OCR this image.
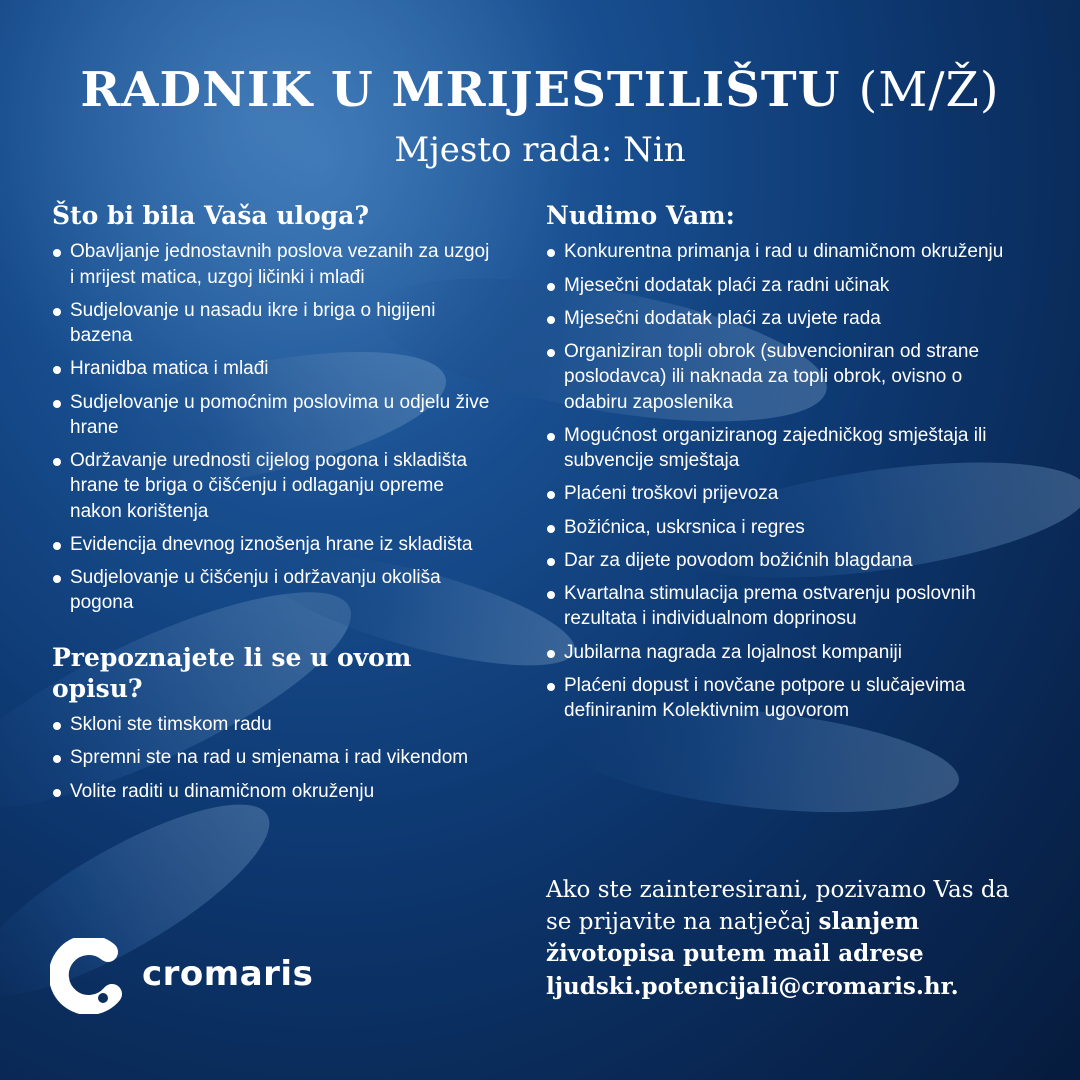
RADNIK U MRIJESTILIŠTU (M/Ž)
Mjesto rada: Nin
Što bi bila Vaša uloga?
Obavljanje jednostavnih poslova vezanih za uzgoj i mrijest matica, uzgoj ličinki i mlađi
Sudjelovanje u nasadu ikre i briga o higijeni bazena
Hranidba matica i mlađi
Sudjelovanje u pomoćnim poslovima u odjelu žive hrane
Održavanje urednosti cijelog pogona i skladišta hrane te briga o čišćenju i odlaganju opreme nakon korištenja
Evidencija dnevnog iznošenja hrane iz skladišta
Sudjelovanje u čišćenju i održavanju okoliša pogona
Prepoznajete li se u ovom opisu?
Skloni ste timskom radu
Spremni ste na rad u smjenama i rad vikendom
Volite raditi u dinamičnom okruženju
Nudimo Vam:
Konkurentna primanja i rad u dinamičnom okruženju
Mjesečni dodatak plaći za radni učinak
Mjesečni dodatak plaći za uvjete rada
Organiziran topli obrok (subvencioniran od strane poslodavca) ili naknada za topli obrok, ovisno o odabiru zaposlenika
Mogućnost organiziranog zajedničkog smještaja ili subvencije smještaja
Plaćeni troškovi prijevoza
Božićnica, uskrsnica i regres
Dar za dijete povodom božićnih blagdana
Kvartalna stimulacija prema ostvarenju poslovnih rezultata i individualnom doprinosu
Jubilarna nagrada za lojalnost kompaniji
Plaćeni dopust i novčane potpore u slučajevima definiranim Kolektivnim ugovorom
Ako ste zainteresirani, pozivamo Vas da se prijavite na natječaj slanjem životopisa putem mail adrese ljudski.potencijali@cromaris.hr.
cromaris
